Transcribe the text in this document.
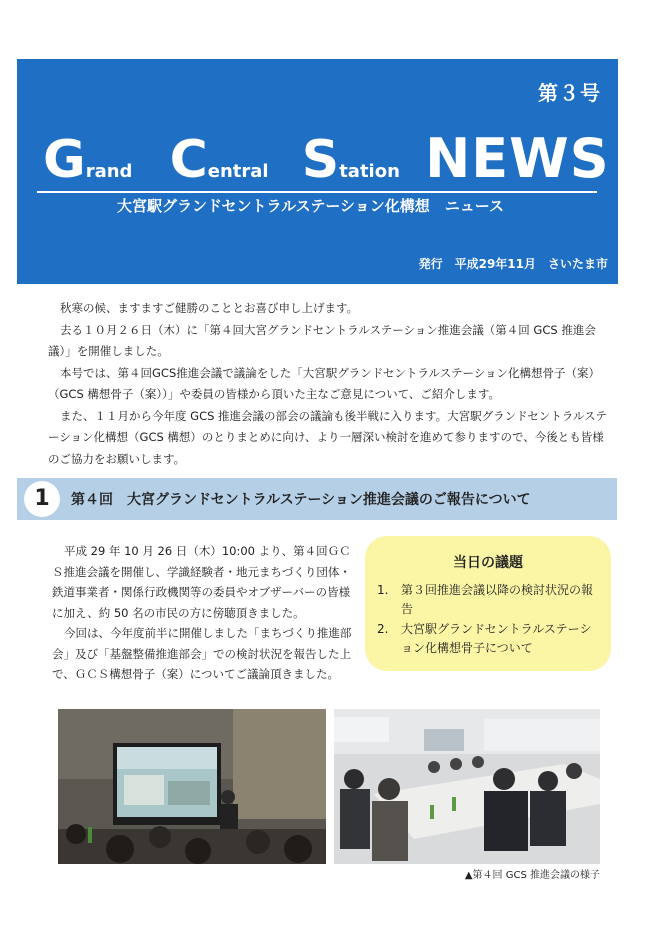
第３号
Grand Central Station NEWS
大宮駅グランドセントラルステーション化構想　ニュース
発行　平成29年11月　さいたま市

秋寒の候、ますますご健勝のこととお喜び申し上げます。

去る１０月２６日（木）に「第４回大宮グランドセントラルステーション推進会議（第４回 GCS 推進会議）」を開催しました。

本号では、第４回GCS推進会議で議論をした「大宮駅グランドセントラルステーション化構想骨子（案）（GCS 構想骨子（案））」や委員の皆様から頂いた主なご意見について、ご紹介します。

また、１１月から今年度 GCS 推進会議の部会の議論も後半戦に入ります。大宮駅グランドセントラルステーション化構想（GCS 構想）のとりまとめに向け、より一層深い検討を進めて参りますので、今後とも皆様のご協力をお願いします。

1	第４回　大宮グランドセントラルステーション推進会議のご報告について

平成 29 年 10 月 26 日（木）10:00 より、第４回ＧＣＳ推進会議を開催し、学識経験者・地元まちづくり団体・鉄道事業者・関係行政機関等の委員やオブザーバーの皆様に加え、約 50 名の市民の方に傍聴頂きました。

今回は、今年度前半に開催しました「まちづくり推進部会」及び「基盤整備推進部会」での検討状況を報告した上で、ＧＣＳ構想骨子（案）についてご議論頂きました。

当日の議題
1.	第３回推進会議以降の検討状況の報告
2.	大宮駅グランドセントラルステーション化構想骨子について
▲第４回 GCS 推進会議の様子
